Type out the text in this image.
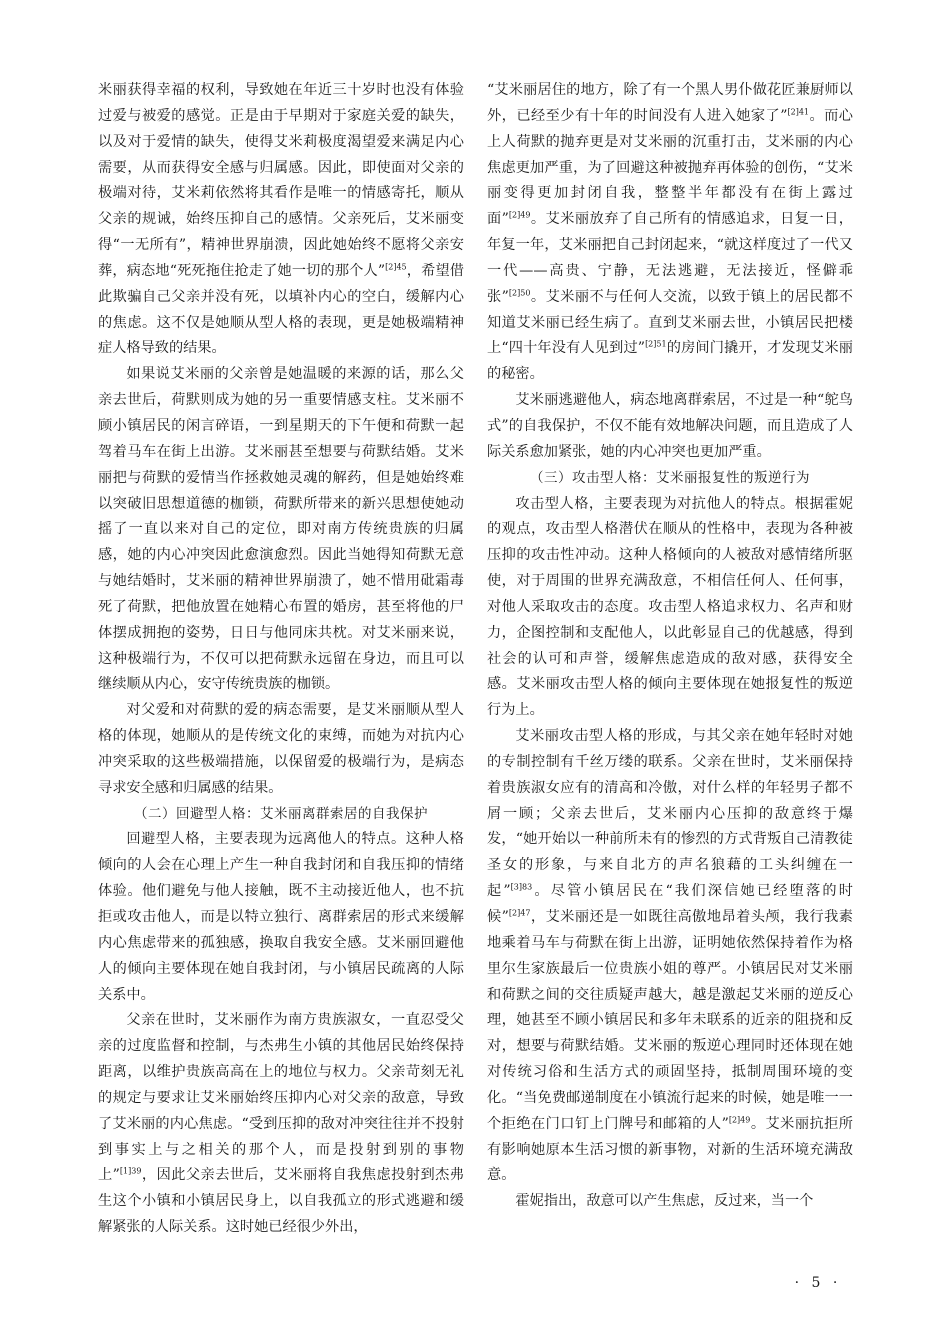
米丽获得幸福的权利，导致她在年近三十岁时也没有体验过爱与被爱的感觉。正是由于早期对于家庭关爱的缺失，以及对于爱情的缺失，使得艾米莉极度渴望爱来满足内心需要，从而获得安全感与归属感。因此，即使面对父亲的极端对待，艾米莉依然将其看作是唯一的情感寄托，顺从父亲的规诫，始终压抑自己的感情。父亲死后，艾米丽变得“一无所有”，精神世界崩溃，因此她始终不愿将父亲安葬，病态地“死死拖住抢走了她一切的那个人”$^{[2]45}$，希望借此欺骗自己父亲并没有死，以填补内心的空白，缓解内心的焦虑。这不仅是她顺从型人格的表现，更是她极端精神症人格导致的结果。

如果说艾米丽的父亲曾是她温暖的来源的话，那么父亲去世后，荷默则成为她的另一重要情感支柱。艾米丽不顾小镇居民的闲言碎语，一到星期天的下午便和荷默一起驾着马车在街上出游。艾米丽甚至想要与荷默结婚。艾米丽把与荷默的爱情当作拯救她灵魂的解药，但是她始终难以突破旧思想道德的枷锁，荷默所带来的新兴思想使她动摇了一直以来对自己的定位，即对南方传统贵族的归属感，她的内心冲突因此愈演愈烈。因此当她得知荷默无意与她结婚时，艾米丽的精神世界崩溃了，她不惜用砒霜毒死了荷默，把他放置在她精心布置的婚房，甚至将他的尸体摆成拥抱的姿势，日日与他同床共枕。对艾米丽来说，这种极端行为，不仅可以把荷默永远留在身边，而且可以继续顺从内心，安守传统贵族的枷锁。

对父爱和对荷默的爱的病态需要，是艾米丽顺从型人格的体现，她顺从的是传统文化的束缚，而她为对抗内心冲突采取的这些极端措施，以保留爱的极端行为，是病态寻求安全感和归属感的结果。

（二）回避型人格：艾米丽离群索居的自我保护

回避型人格，主要表现为远离他人的特点。这种人格倾向的人会在心理上产生一种自我封闭和自我压抑的情绪体验。他们避免与他人接触，既不主动接近他人，也不抗拒或攻击他人，而是以特立独行、离群索居的形式来缓解内心焦虑带来的孤独感，换取自我安全感。艾米丽回避他人的倾向主要体现在她自我封闭，与小镇居民疏离的人际关系中。

父亲在世时，艾米丽作为南方贵族淑女，一直忍受父亲的过度监督和控制，与杰弗生小镇的其他居民始终保持距离，以维护贵族高高在上的地位与权力。父亲苛刻无礼的规定与要求让艾米丽始终压抑内心对父亲的敌意，导致了艾米丽的内心焦虑。“受到压抑的敌对冲突往往并不投射到事实上与之相关的那个人，而是投射到别的事物上”$^{[1]39}$，因此父亲去世后，艾米丽将自我焦虑投射到杰弗生这个小镇和小镇居民身上，以自我孤立的形式逃避和缓解紧张的人际关系。这时她已经很少外出，

“艾米丽居住的地方，除了有一个黑人男仆做花匠兼厨师以外，已经至少有十年的时间没有人进入她家了”$^{[2]41}$。而心上人荷默的抛弃更是对艾米丽的沉重打击，艾米丽的内心焦虑更加严重，为了回避这种被抛弃再体验的创伤，“艾米丽变得更加封闭自我，整整半年都没有在街上露过面”$^{[2]49}$。艾米丽放弃了自己所有的情感追求，日复一日，年复一年，艾米丽把自己封闭起来，“就这样度过了一代又一代——高贵、宁静，无法逃避，无法接近，怪僻乖张”$^{[2]50}$。艾米丽不与任何人交流，以致于镇上的居民都不知道艾米丽已经生病了。直到艾米丽去世，小镇居民把楼上“四十年没有人见到过”$^{[2]51}$的房间门撬开，才发现艾米丽的秘密。

艾米丽逃避他人，病态地离群索居，不过是一种“鸵鸟式”的自我保护，不仅不能有效地解决问题，而且造成了人际关系愈加紧张，她的内心冲突也更加严重。

（三）攻击型人格：艾米丽报复性的叛逆行为

攻击型人格，主要表现为对抗他人的特点。根据霍妮的观点，攻击型人格潜伏在顺从的性格中，表现为各种被压抑的攻击性冲动。这种人格倾向的人被敌对感情绪所驱使，对于周围的世界充满敌意，不相信任何人、任何事，对他人采取攻击的态度。攻击型人格追求权力、名声和财力，企图控制和支配他人，以此彰显自己的优越感，得到社会的认可和声誉，缓解焦虑造成的敌对感，获得安全感。艾米丽攻击型人格的倾向主要体现在她报复性的叛逆行为上。

艾米丽攻击型人格的形成，与其父亲在她年轻时对她的专制控制有千丝万缕的联系。父亲在世时，艾米丽保持着贵族淑女应有的清高和冷傲，对什么样的年轻男子都不屑一顾；父亲去世后，艾米丽内心压抑的敌意终于爆发，“她开始以一种前所未有的惨烈的方式背叛自己清教徒圣女的形象，与来自北方的声名狼藉的工头纠缠在一起”$^{[3]83}$。尽管小镇居民在“我们深信她已经堕落的时候”$^{[2]47}$，艾米丽还是一如既往高傲地昂着头颅，我行我素地乘着马车与荷默在街上出游，证明她依然保持着作为格里尔生家族最后一位贵族小姐的尊严。小镇居民对艾米丽和荷默之间的交往质疑声越大，越是激起艾米丽的逆反心理，她甚至不顾小镇居民和多年未联系的近亲的阻挠和反对，想要与荷默结婚。艾米丽的叛逆心理同时还体现在她对传统习俗和生活方式的顽固坚持，抵制周围环境的变化。“当免费邮递制度在小镇流行起来的时候，她是唯一一个拒绝在门口钉上门牌号和邮箱的人”$^{[2]49}$。艾米丽抗拒所有影响她原本生活习惯的新事物，对新的生活环境充满敌意。

霍妮指出，敌意可以产生焦虑，反过来，当一个

· 5 ·
